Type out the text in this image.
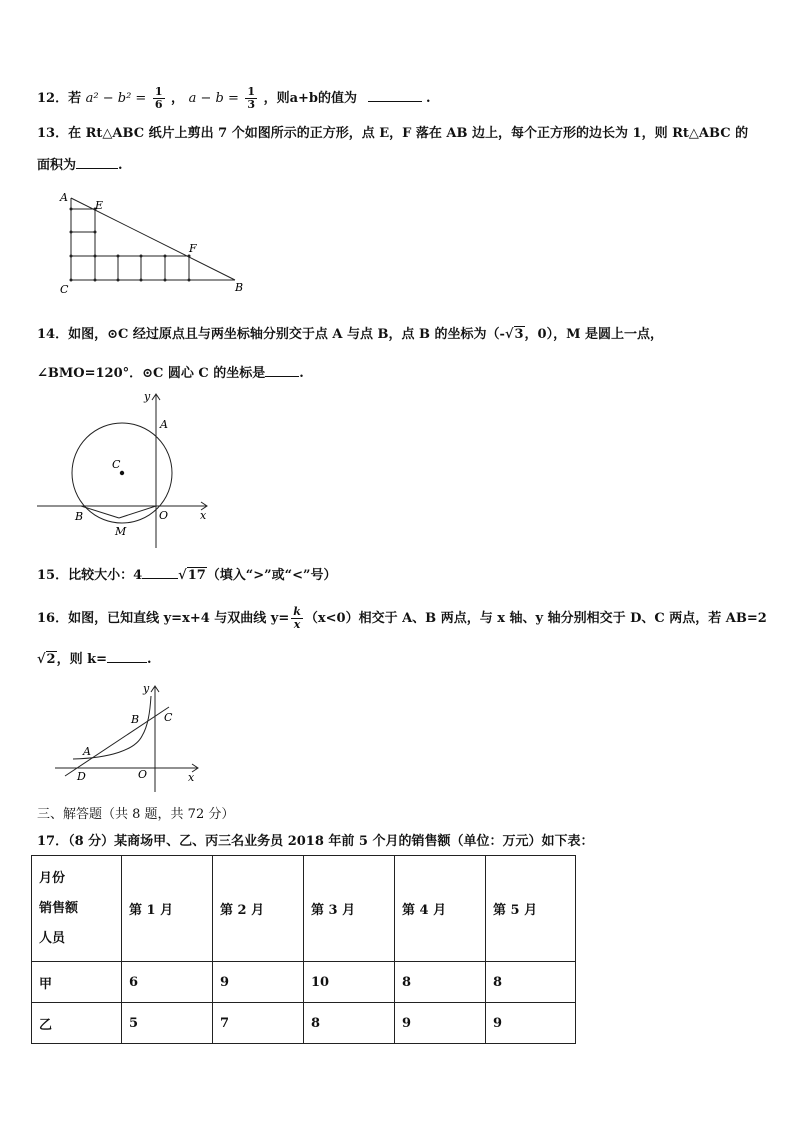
12．若 $a^2 - b^2 = \frac{1}{6}$ ， $a - b = \frac{1}{3}$ ，则a+b的值为	.
13．在 Rt△ABC 纸片上剪出 7 个如图所示的正方形，点 E，F 落在 AB 边上，每个正方形的边长为 1，则 Rt△ABC 的
面积为	.
A
E
F
C	B
14．如图，⊙C 经过原点且与两坐标轴分别交于点 A 与点 B，点 B 的坐标为（-√3，0），M 是圆上一点，
∠BMO=120°．⊙C 圆心 C 的坐标是	.
y
A
C
B	O	x
M
15．比较大小：4	√17（填入“>”或“<”号）
16．如图，已知直线 y=x+4 与双曲线 $y= \frac{k}{x} (x<0)$相交于 A、B 两点，与 x 轴、y 轴分别相交于 D、C 两点，若 AB=2
√2，则 k=	.
y
B C
A
D	O	x
三、解答题（共 8 题，共 72 分）
17．（8 分）某商场甲、乙、丙三名业务员 2018 年前 5 个月的销售额（单位：万元）如下表：
月份
销售额
人员	第 1 月	第 2 月	第 3 月	第 4 月	第 5 月
甲	6	9	10	8	8
乙	5	7	8	9	9
